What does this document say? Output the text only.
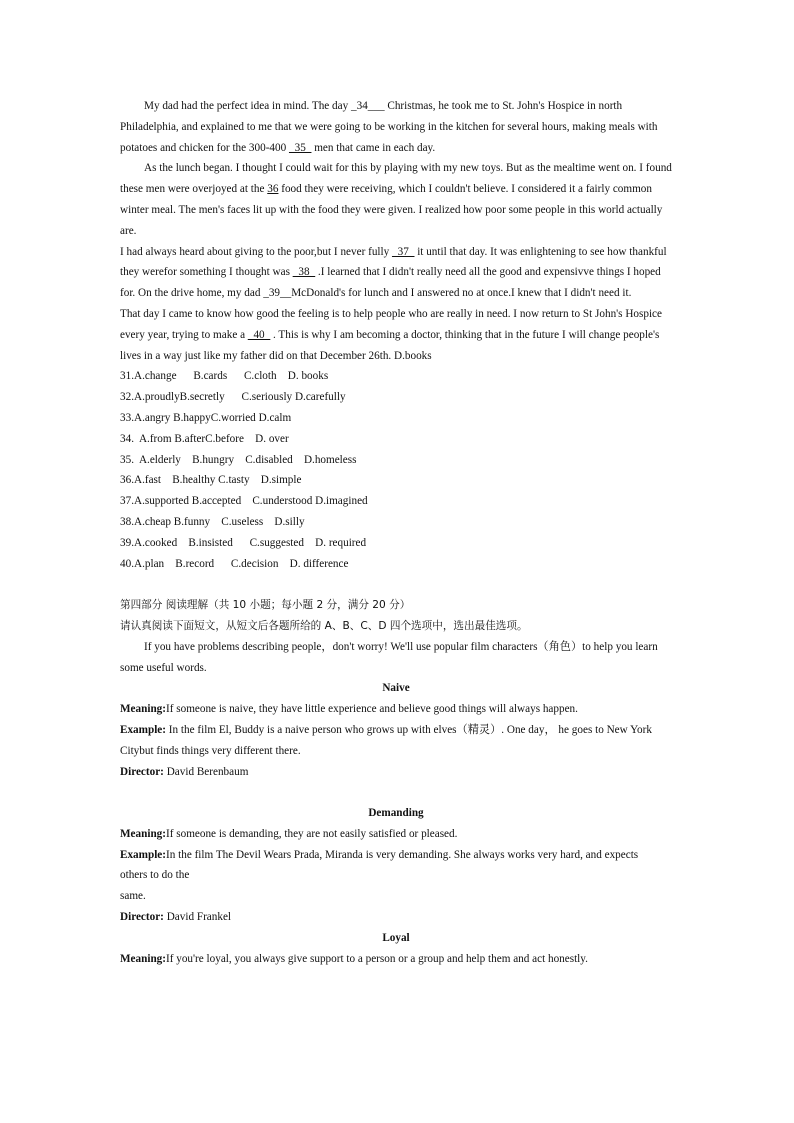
My dad had the perfect idea in mind. The day _34___ Christmas, he took me to St. John's Hospice in north Philadelphia, and explained to me that we were going to be working in the kitchen for several hours, making meals with potatoes and chicken for the 300-400 _35_ men that came in each day.

As the lunch began. I thought I could wait for this by playing with my new toys. But as the mealtime went on. I found these men were overjoyed at the 36 food they were receiving, which I couldn't believe. I considered it a fairly common winter meal. The men's faces lit up with the food they were given. I realized how poor some people in this world actually are.

I had always heard about giving to the poor,but I never fully _37_ it until that day. It was enlightening to see how thankful they werefor something I thought was _38_ .I learned that I didn't really need all the good and expensivve things I hoped for. On the drive home, my dad _39__McDonald's for lunch and I answered no at once.I knew that I didn't need it.

That day I came to know how good the feeling is to help people who are really in need. I now return to St John's Hospice every year, trying to make a _40_ . This is why I am becoming a doctor, thinking that in the future I will change people's lives in a way just like my father did on that December 26th. D.books

31.A.change      B.cards      C.cloth    D. books

32.A.proudlyB.secretly      C.seriously D.carefully

33.A.angry B.happyC.worried D.calm

34.  A.from B.afterC.before    D. over

35.  A.elderly    B.hungry    C.disabled    D.homeless

36.A.fast    B.healthy C.tasty    D.simple

37.A.supported B.accepted    C.understood D.imagined

38.A.cheap B.funny    C.useless    D.silly

39.A.cooked    B.insisted      C.suggested    D. required

40.A.plan    B.record      C.decision    D. difference

第四部分 阅读理解（共 10 小题；每小题 2 分，满分 20 分）

请认真阅读下面短文，从短文后各题所给的 A、B、C、D 四个选项中，选出最佳选项。

If you have problems describing people，don't worry! We'll use popular film characters（角色）to help you learn some useful words.

Naive

Meaning:If someone is naive, they have little experience and believe good things will always happen.

Example: In the film El, Buddy is a naive person who grows up with elves（精灵）. One day， he goes to New York Citybut finds things very different there.

Director: David Berenbaum

Demanding

Meaning:If someone is demanding, they are not easily satisfied or pleased.

Example:In the film The Devil Wears Prada, Miranda is very demanding. She always works very hard, and expects others to do the

same.

Director: David Frankel

Loyal

Meaning:If you're loyal, you always give support to a person or a group and help them and act honestly.
